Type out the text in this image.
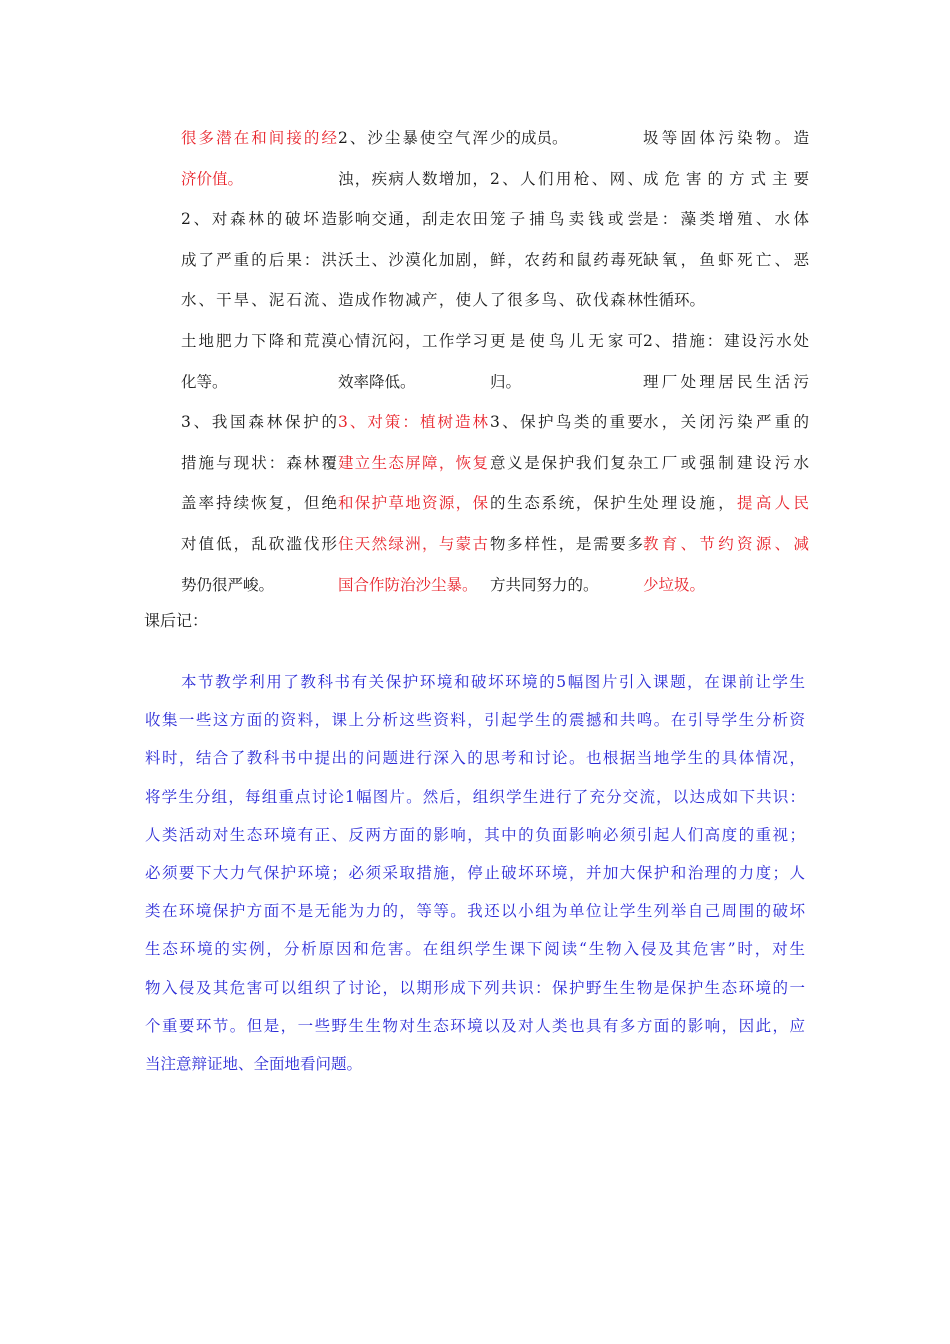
很多潜在和间接的经
济价值。
2、对森林的破坏造
成了严重的后果：洪
水、干旱、泥石流、
土地肥力下降和荒漠
化等。
3、我国森林保护的
措施与现状：森林覆
盖率持续恢复，但绝
对值低，乱砍滥伐形
势仍很严峻。
2、沙尘暴使空气浑
浊，疾病人数增加，
影响交通，刮走农田
沃土、沙漠化加剧，
造成作物减产，使人
心情沉闷，工作学习
效率降低。
3、对策：植树造林
建立生态屏障，恢复
和保护草地资源，保
住天然绿洲，与蒙古
国合作防治沙尘暴。
少的成员。
2、人们用枪、网、
笼子捕鸟卖钱或尝
鲜，农药和鼠药毒死
了很多鸟、砍伐森林
更是使鸟儿无家可
归。
3、保护鸟类的重要
意义是保护我们复杂
的生态系统，保护生
物多样性，是需要多
方共同努力的。
圾等固体污染物。造
成危害的方式主要
是：藻类增殖、水体
缺氧，鱼虾死亡、恶
性循环。
2、措施：建设污水处
理厂处理居民生活污
水，关闭污染严重的
工厂或强制建设污水
处理设施，提高人民
教育、节约资源、减
少垃圾。
课后记：
本节教学利用了教科书有关保护环境和破坏环境的5幅图片引入课题，在课前让学生
收集一些这方面的资料，课上分析这些资料，引起学生的震撼和共鸣。在引导学生分析资
料时，结合了教科书中提出的问题进行深入的思考和讨论。也根据当地学生的具体情况，
将学生分组，每组重点讨论1幅图片。然后，组织学生进行了充分交流，以达成如下共识：
人类活动对生态环境有正、反两方面的影响，其中的负面影响必须引起人们高度的重视；
必须要下大力气保护环境；必须采取措施，停止破坏环境，并加大保护和治理的力度；人
类在环境保护方面不是无能为力的，等等。我还以小组为单位让学生列举自己周围的破坏
生态环境的实例，分析原因和危害。在组织学生课下阅读“生物入侵及其危害”时，对生
物入侵及其危害可以组织了讨论，以期形成下列共识：保护野生生物是保护生态环境的一
个重要环节。但是，一些野生生物对生态环境以及对人类也具有多方面的影响，因此，应
当注意辩证地、全面地看问题。
